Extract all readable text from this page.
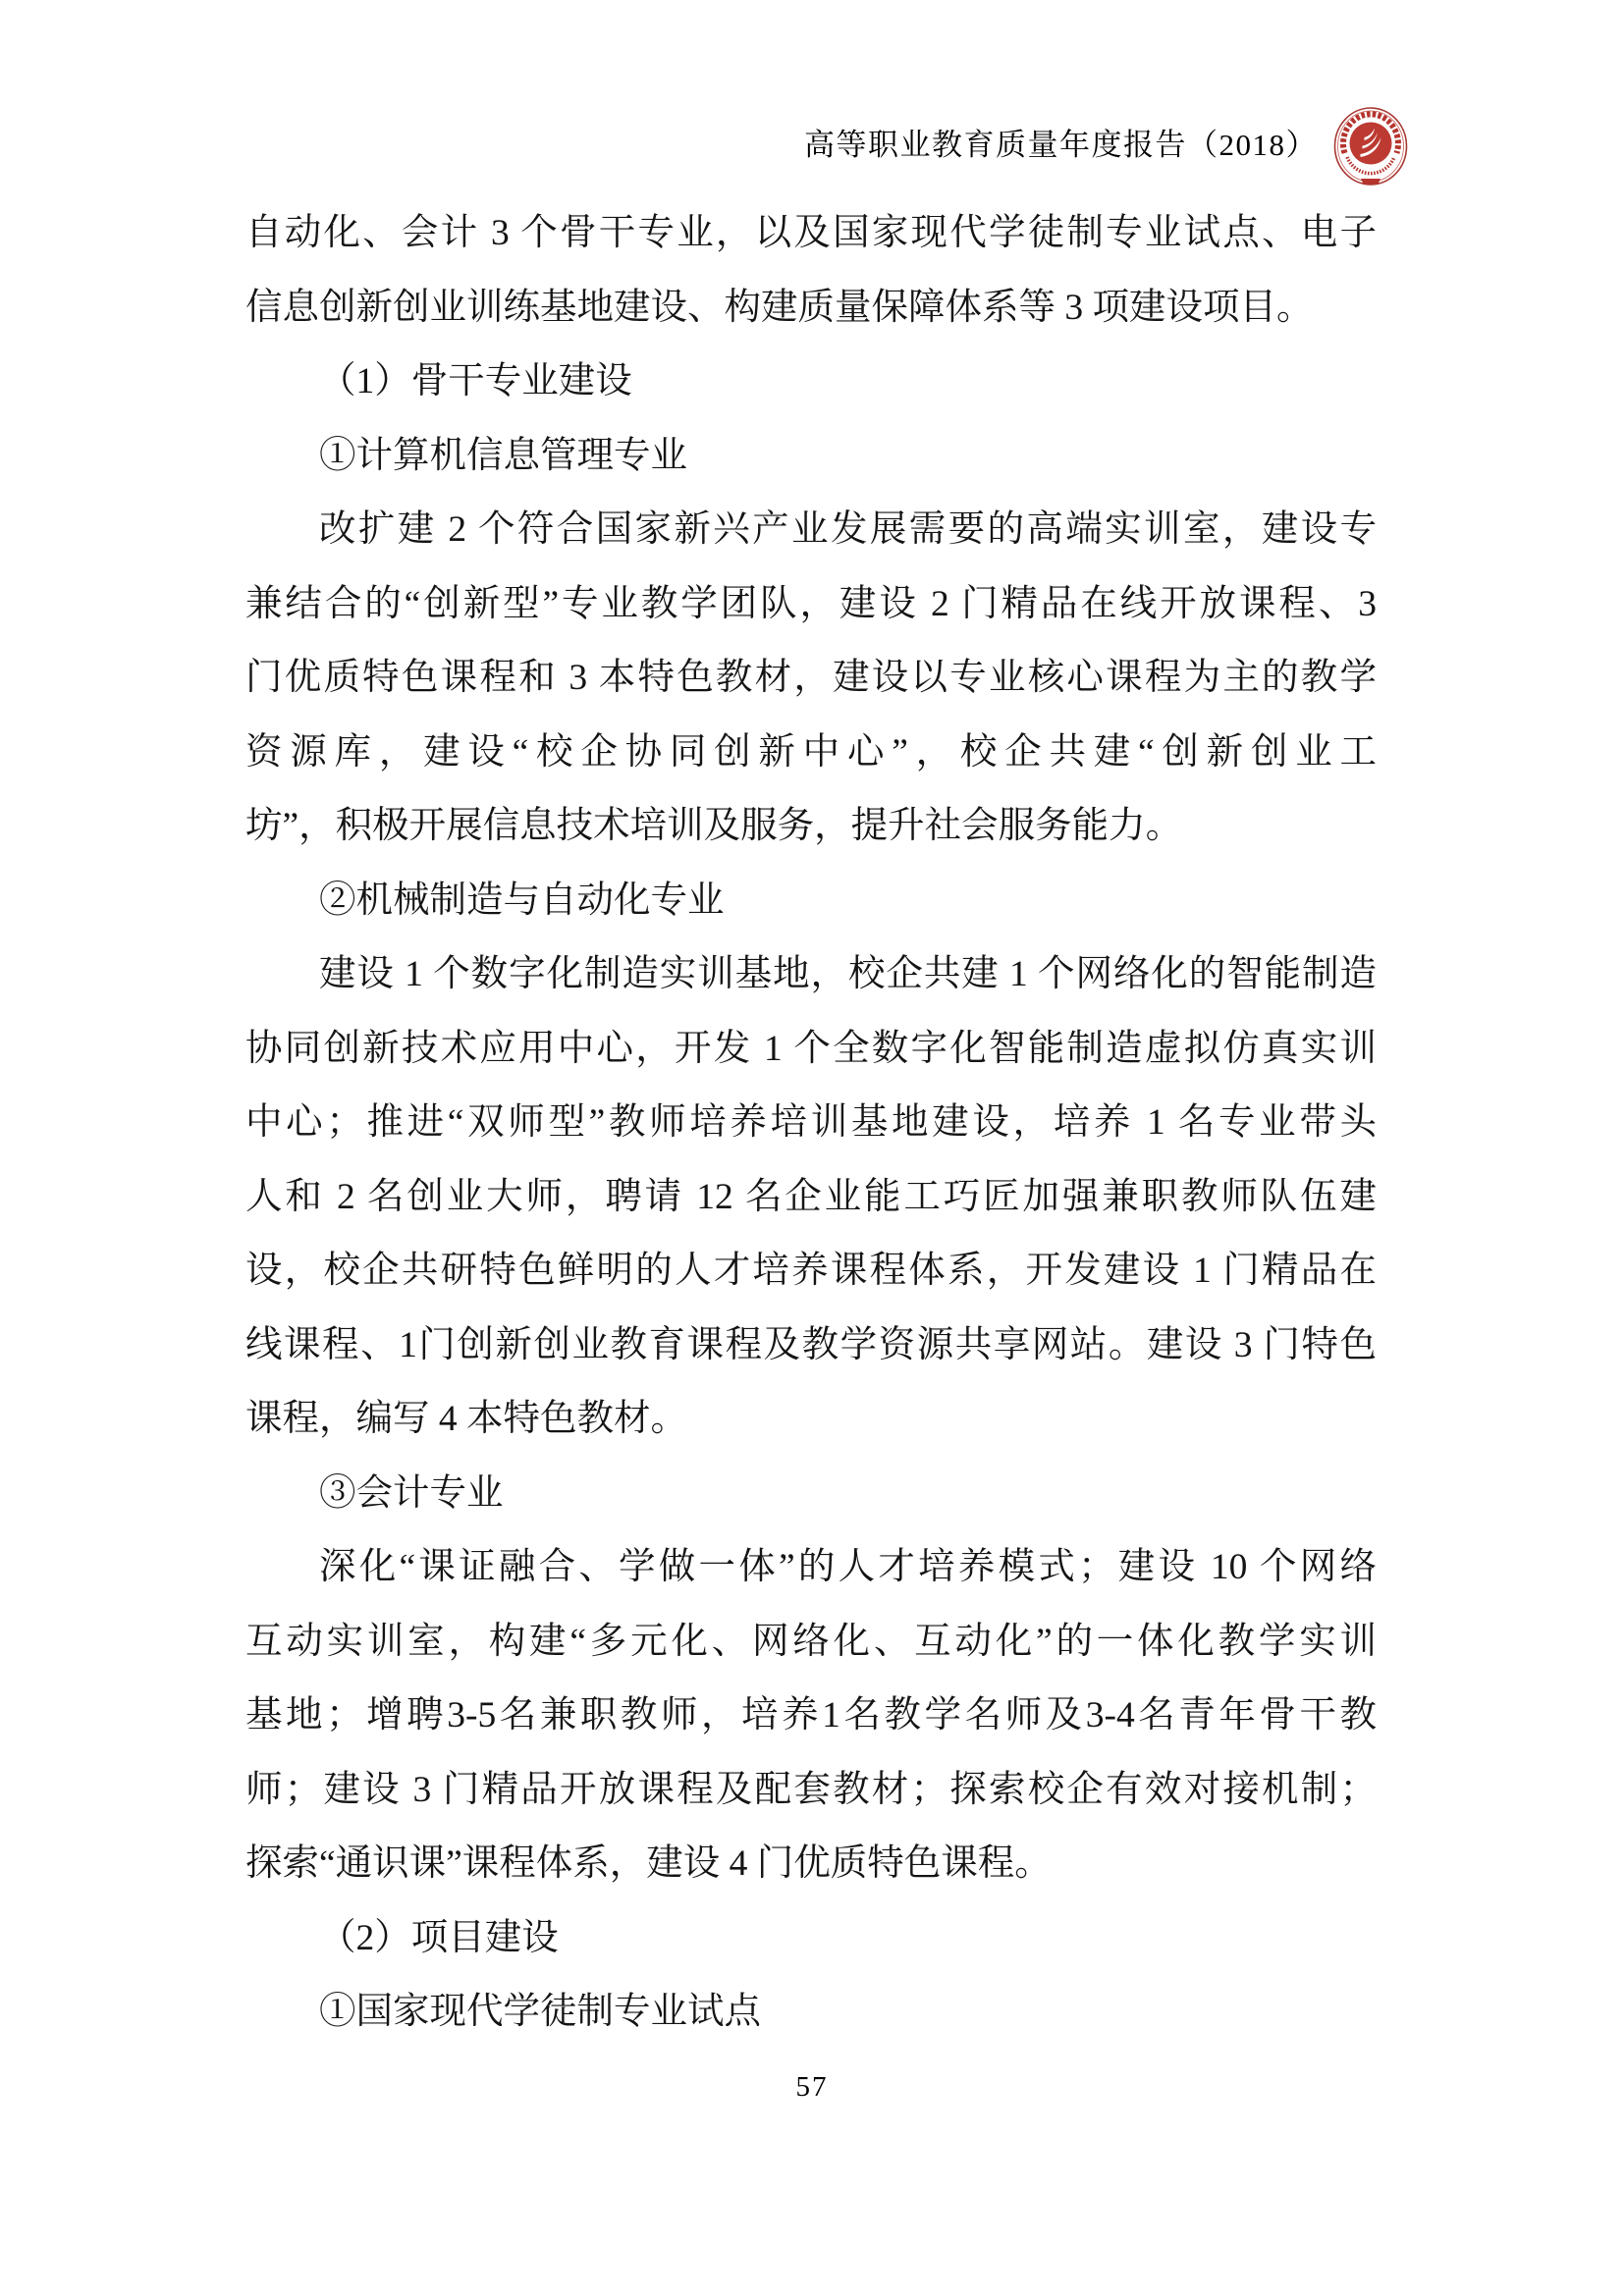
高等职业教育质量年度报告（2018）
自动化、会计 3 个骨干专业，以及国家现代学徒制专业试点、电子
信息创新创业训练基地建设、构建质量保障体系等 3 项建设项目。
（1）骨干专业建设
①计算机信息管理专业
改扩建 2 个符合国家新兴产业发展需要的高端实训室，建设专
兼结合的“创新型”专业教学团队，建设 2 门精品在线开放课程、3
门优质特色课程和 3 本特色教材，建设以专业核心课程为主的教学
资源库，建设“校企协同创新中心”，校企共建“创新创业工
坊”，积极开展信息技术培训及服务，提升社会服务能力。
②机械制造与自动化专业
建设 1 个数字化制造实训基地，校企共建 1 个网络化的智能制造
协同创新技术应用中心，开发 1 个全数字化智能制造虚拟仿真实训
中心；推进“双师型”教师培养培训基地建设，培养 1 名专业带头
人和 2 名创业大师，聘请 12 名企业能工巧匠加强兼职教师队伍建
设，校企共研特色鲜明的人才培养课程体系，开发建设 1 门精品在
线课程、1门创新创业教育课程及教学资源共享网站。建设 3 门特色
课程，编写 4 本特色教材。
③会计专业
深化“课证融合、学做一体”的人才培养模式；建设 10 个网络
互动实训室，构建“多元化、网络化、互动化”的一体化教学实训
基地；增聘3-5名兼职教师，培养1名教学名师及3-4名青年骨干教
师；建设 3 门精品开放课程及配套教材；探索校企有效对接机制；
探索“通识课”课程体系，建设 4 门优质特色课程。
（2）项目建设
①国家现代学徒制专业试点
57
